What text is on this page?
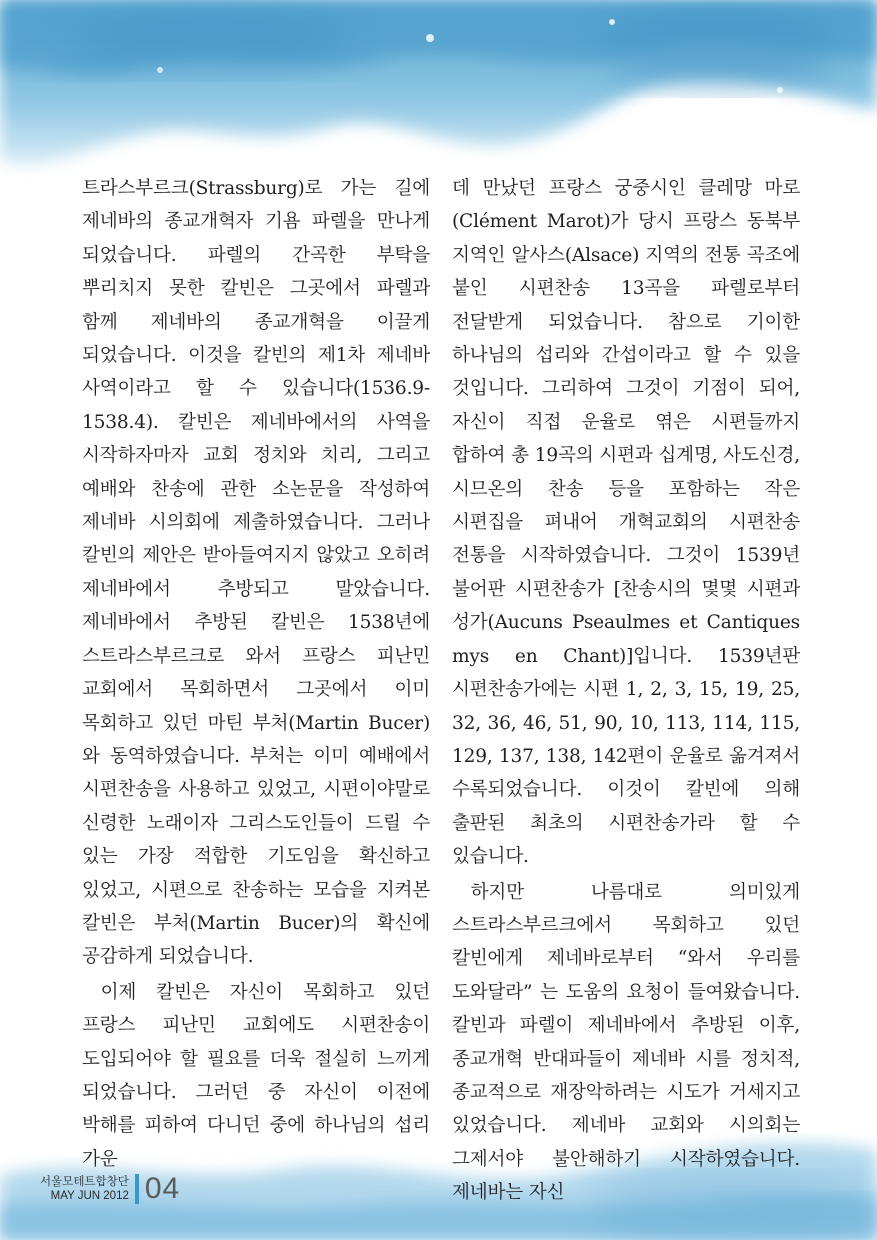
트라스부르크(Strassburg)로 가는 길에 제네바의 종교개혁자 기욤 파렐을 만나게 되었습니다. 파렐의 간곡한 부탁을 뿌리치지 못한 칼빈은 그곳에서 파렐과 함께 제네바의 종교개혁을 이끌게 되었습니다. 이것을 칼빈의 제1차 제네바 사역이라고 할 수 있습니다(1536.9-1538.4). 칼빈은 제네바에서의 사역을 시작하자마자 교회 정치와 치리, 그리고 예배와 찬송에 관한 소논문을 작성하여 제네바 시의회에 제출하였습니다. 그러나 칼빈의 제안은 받아들여지지 않았고 오히려 제네바에서 추방되고 말았습니다. 제네바에서 추방된 칼빈은 1538년에 스트라스부르크로 와서 프랑스 피난민 교회에서 목회하면서 그곳에서 이미 목회하고 있던 마틴 부처(Martin Bucer)와 동역하였습니다. 부처는 이미 예배에서 시편찬송을 사용하고 있었고, 시편이야말로 신령한 노래이자 그리스도인들이 드릴 수 있는 가장 적합한 기도임을 확신하고 있었고, 시편으로 찬송하는 모습을 지켜본 칼빈은 부처(Martin Bucer)의 확신에 공감하게 되었습니다.

이제 칼빈은 자신이 목회하고 있던 프랑스 피난민 교회에도 시편찬송이 도입되어야 할 필요를 더욱 절실히 느끼게 되었습니다. 그러던 중 자신이 이전에 박해를 피하여 다니던 중에 하나님의 섭리 가운

데 만났던 프랑스 궁중시인 클레망 마로(Clément Marot)가 당시 프랑스 동북부 지역인 알사스(Alsace) 지역의 전통 곡조에 붙인 시편찬송 13곡을 파렐로부터 전달받게 되었습니다. 참으로 기이한 하나님의 섭리와 간섭이라고 할 수 있을 것입니다. 그리하여 그것이 기점이 되어, 자신이 직접 운율로 엮은 시편들까지 합하여 총 19곡의 시편과 십계명, 사도신경, 시므온의 찬송 등을 포함하는 작은 시편집을 펴내어 개혁교회의 시편찬송 전통을 시작하였습니다. 그것이 1539년 불어판 시편찬송가 [찬송시의 몇몇 시편과 성가(Aucuns Pseaulmes et Cantiques mys en Chant)]입니다. 1539년판 시편찬송가에는 시편 1, 2, 3, 15, 19, 25, 32, 36, 46, 51, 90, 10, 113, 114, 115, 129, 137, 138, 142편이 운율로 옮겨져서 수록되었습니다. 이것이 칼빈에 의해 출판된 최초의 시편찬송가라 할 수 있습니다.

하지만 나름대로 의미있게 스트라스부르크에서 목회하고 있던 칼빈에게 제네바로부터 “와서 우리를 도와달라” 는 도움의 요청이 들여왔습니다. 칼빈과 파렐이 제네바에서 추방된 이후, 종교개혁 반대파들이 제네바 시를 정치적, 종교적으로 재장악하려는 시도가 거세지고 있었습니다. 제네바 교회와 시의회는 그제서야 불안해하기 시작하였습니다. 제네바는 자신

서울모테트합창단
MAY JUN 2012 04
